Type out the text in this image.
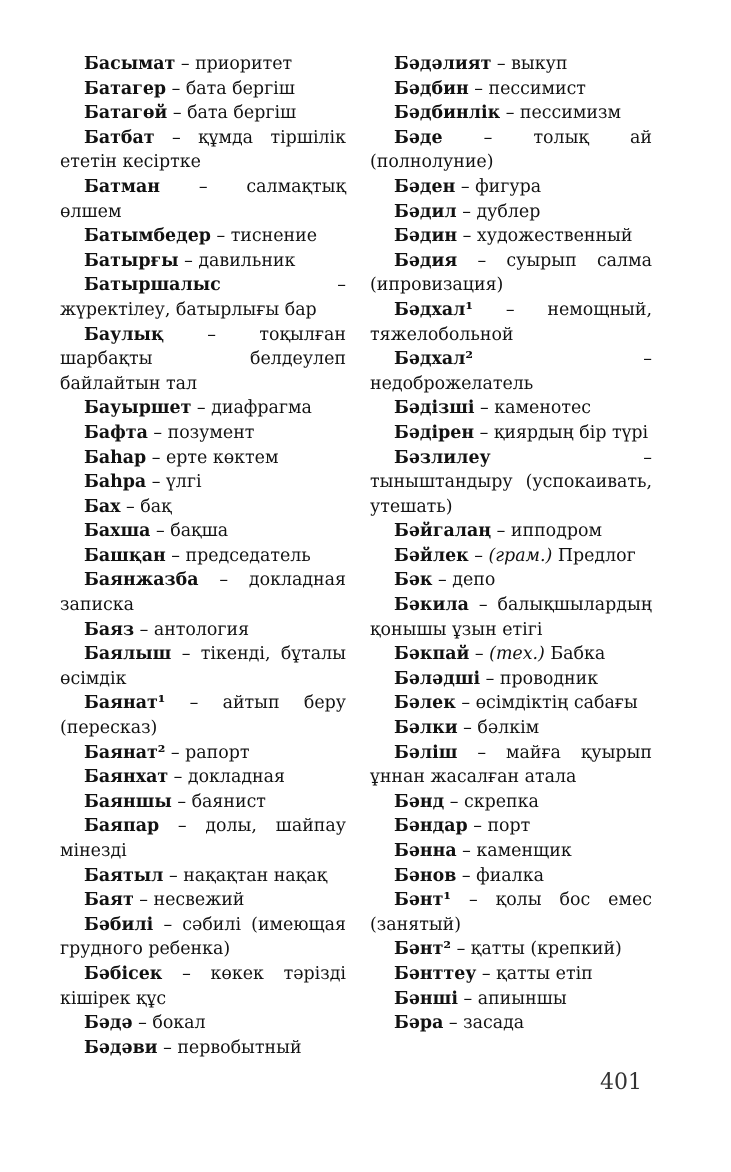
Басымат – приоритет

Батагер – бата бергіш

Батагөй – бата бергіш

Батбат – құмда тіршілік ететін кесіртке

Батман – салмақтық өлшем

Батымбедер – тиснение

Батырғы – давильник

Батыршалыс – жүректілеу, батырлығы бар

Баулық – тоқылған шарбақты белдеулеп байлайтын тал

Бауыршет – диафрагма

Бафта – позумент

Баһар – ерте көктем

Баһра – үлгі

Бах – бақ

Бахша – бақша

Башқан – председатель

Баянжазба – докладная записка

Баяз – антология

Баялыш – тікенді, бұталы өсімдік

Баянат¹ – айтып беру (пересказ)

Баянат² – рапорт

Баянхат – докладная

Баяншы – баянист

Баяпар – долы, шайпау мінезді

Баятыл – нақақтан нақақ

Баят – несвежий

Бәбилі – сәбилі (имеющая грудного ребенка)

Бәбісек – көкек тәрізді кішірек құс

Бәдә – бокал

Бәдәви – первобытный

Бәдәлият – выкуп

Бәдбин – пессимист

Бәдбинлік – пессимизм

Бәде – толық ай (полнолуние)

Бәден – фигура

Бәдил – дублер

Бәдин – художественный

Бәдия – суырып салма (ипровизация)

Бәдхал¹ – немощный, тяжелобольной

Бәдхал² – недоброжелатель

Бәдізші – каменотес

Бәдірен – қиярдың бір түрі

Бәзлилеу – тыныштандыру (успокаивать, утешать)

Бәйгалаң – ипподром

Бәйлек – (грам.) Предлог

Бәк – депо

Бәкила – балықшылардың қонышы ұзын етігі

Бәкпай – (тех.) Бабка

Бәләдші – проводник

Бәлек – өсімдіктің сабағы

Бәлки – бәлкім

Бәліш – майға қуырып ұннан жасалған атала

Бәнд – скрепка

Бәндар – порт

Бәнна – каменщик

Бәнов – фиалка

Бәнт¹ – қолы бос емес (занятый)

Бәнт² – қатты (крепкий)

Бәнттеу – қатты етіп

Бәнші – апиыншы

Бәра – засада

401
